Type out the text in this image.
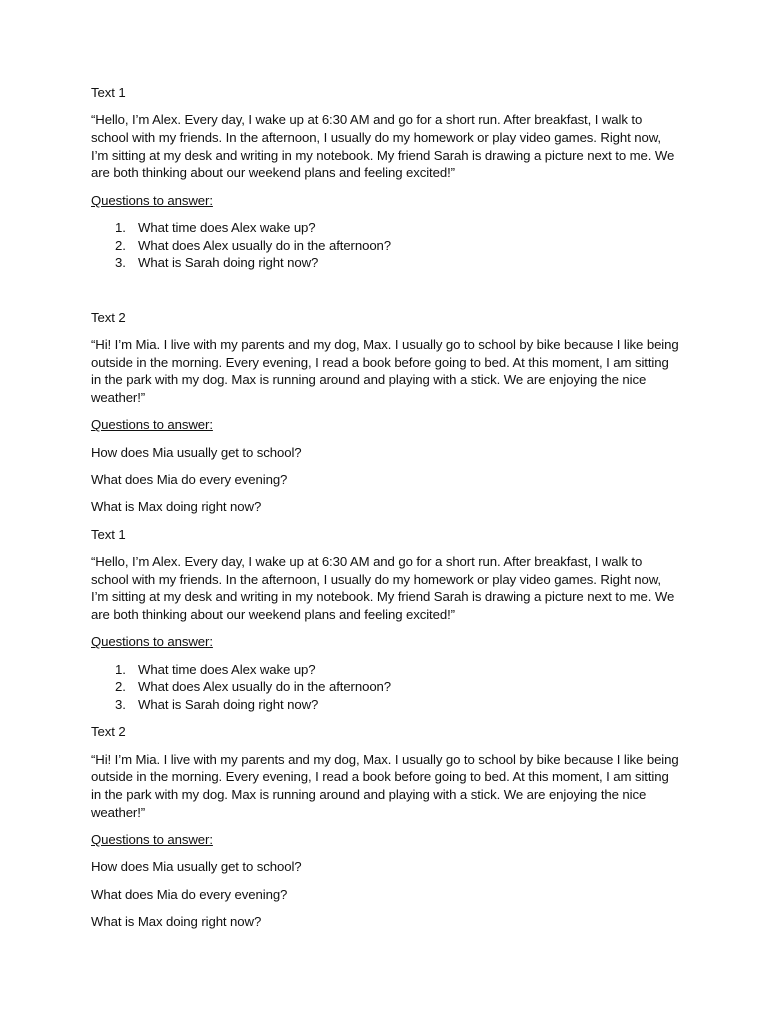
Text 1
“Hello, I’m Alex. Every day, I wake up at 6:30 AM and go for a short run. After breakfast, I walk to school with my friends. In the afternoon, I usually do my homework or play video games. Right now, I’m sitting at my desk and writing in my notebook. My friend Sarah is drawing a picture next to me. We are both thinking about our weekend plans and feeling excited!”
Questions to answer:
1. What time does Alex wake up?
2. What does Alex usually do in the afternoon?
3. What is Sarah doing right now?
Text 2
“Hi! I’m Mia. I live with my parents and my dog, Max. I usually go to school by bike because I like being outside in the morning. Every evening, I read a book before going to bed. At this moment, I am sitting in the park with my dog. Max is running around and playing with a stick. We are enjoying the nice weather!”
Questions to answer:
How does Mia usually get to school?
What does Mia do every evening?
What is Max doing right now?
Text 1
“Hello, I’m Alex. Every day, I wake up at 6:30 AM and go for a short run. After breakfast, I walk to school with my friends. In the afternoon, I usually do my homework or play video games. Right now, I’m sitting at my desk and writing in my notebook. My friend Sarah is drawing a picture next to me. We are both thinking about our weekend plans and feeling excited!”
Questions to answer:
1. What time does Alex wake up?
2. What does Alex usually do in the afternoon?
3. What is Sarah doing right now?
Text 2
“Hi! I’m Mia. I live with my parents and my dog, Max. I usually go to school by bike because I like being outside in the morning. Every evening, I read a book before going to bed. At this moment, I am sitting in the park with my dog. Max is running around and playing with a stick. We are enjoying the nice weather!”
Questions to answer:
How does Mia usually get to school?
What does Mia do every evening?
What is Max doing right now?
